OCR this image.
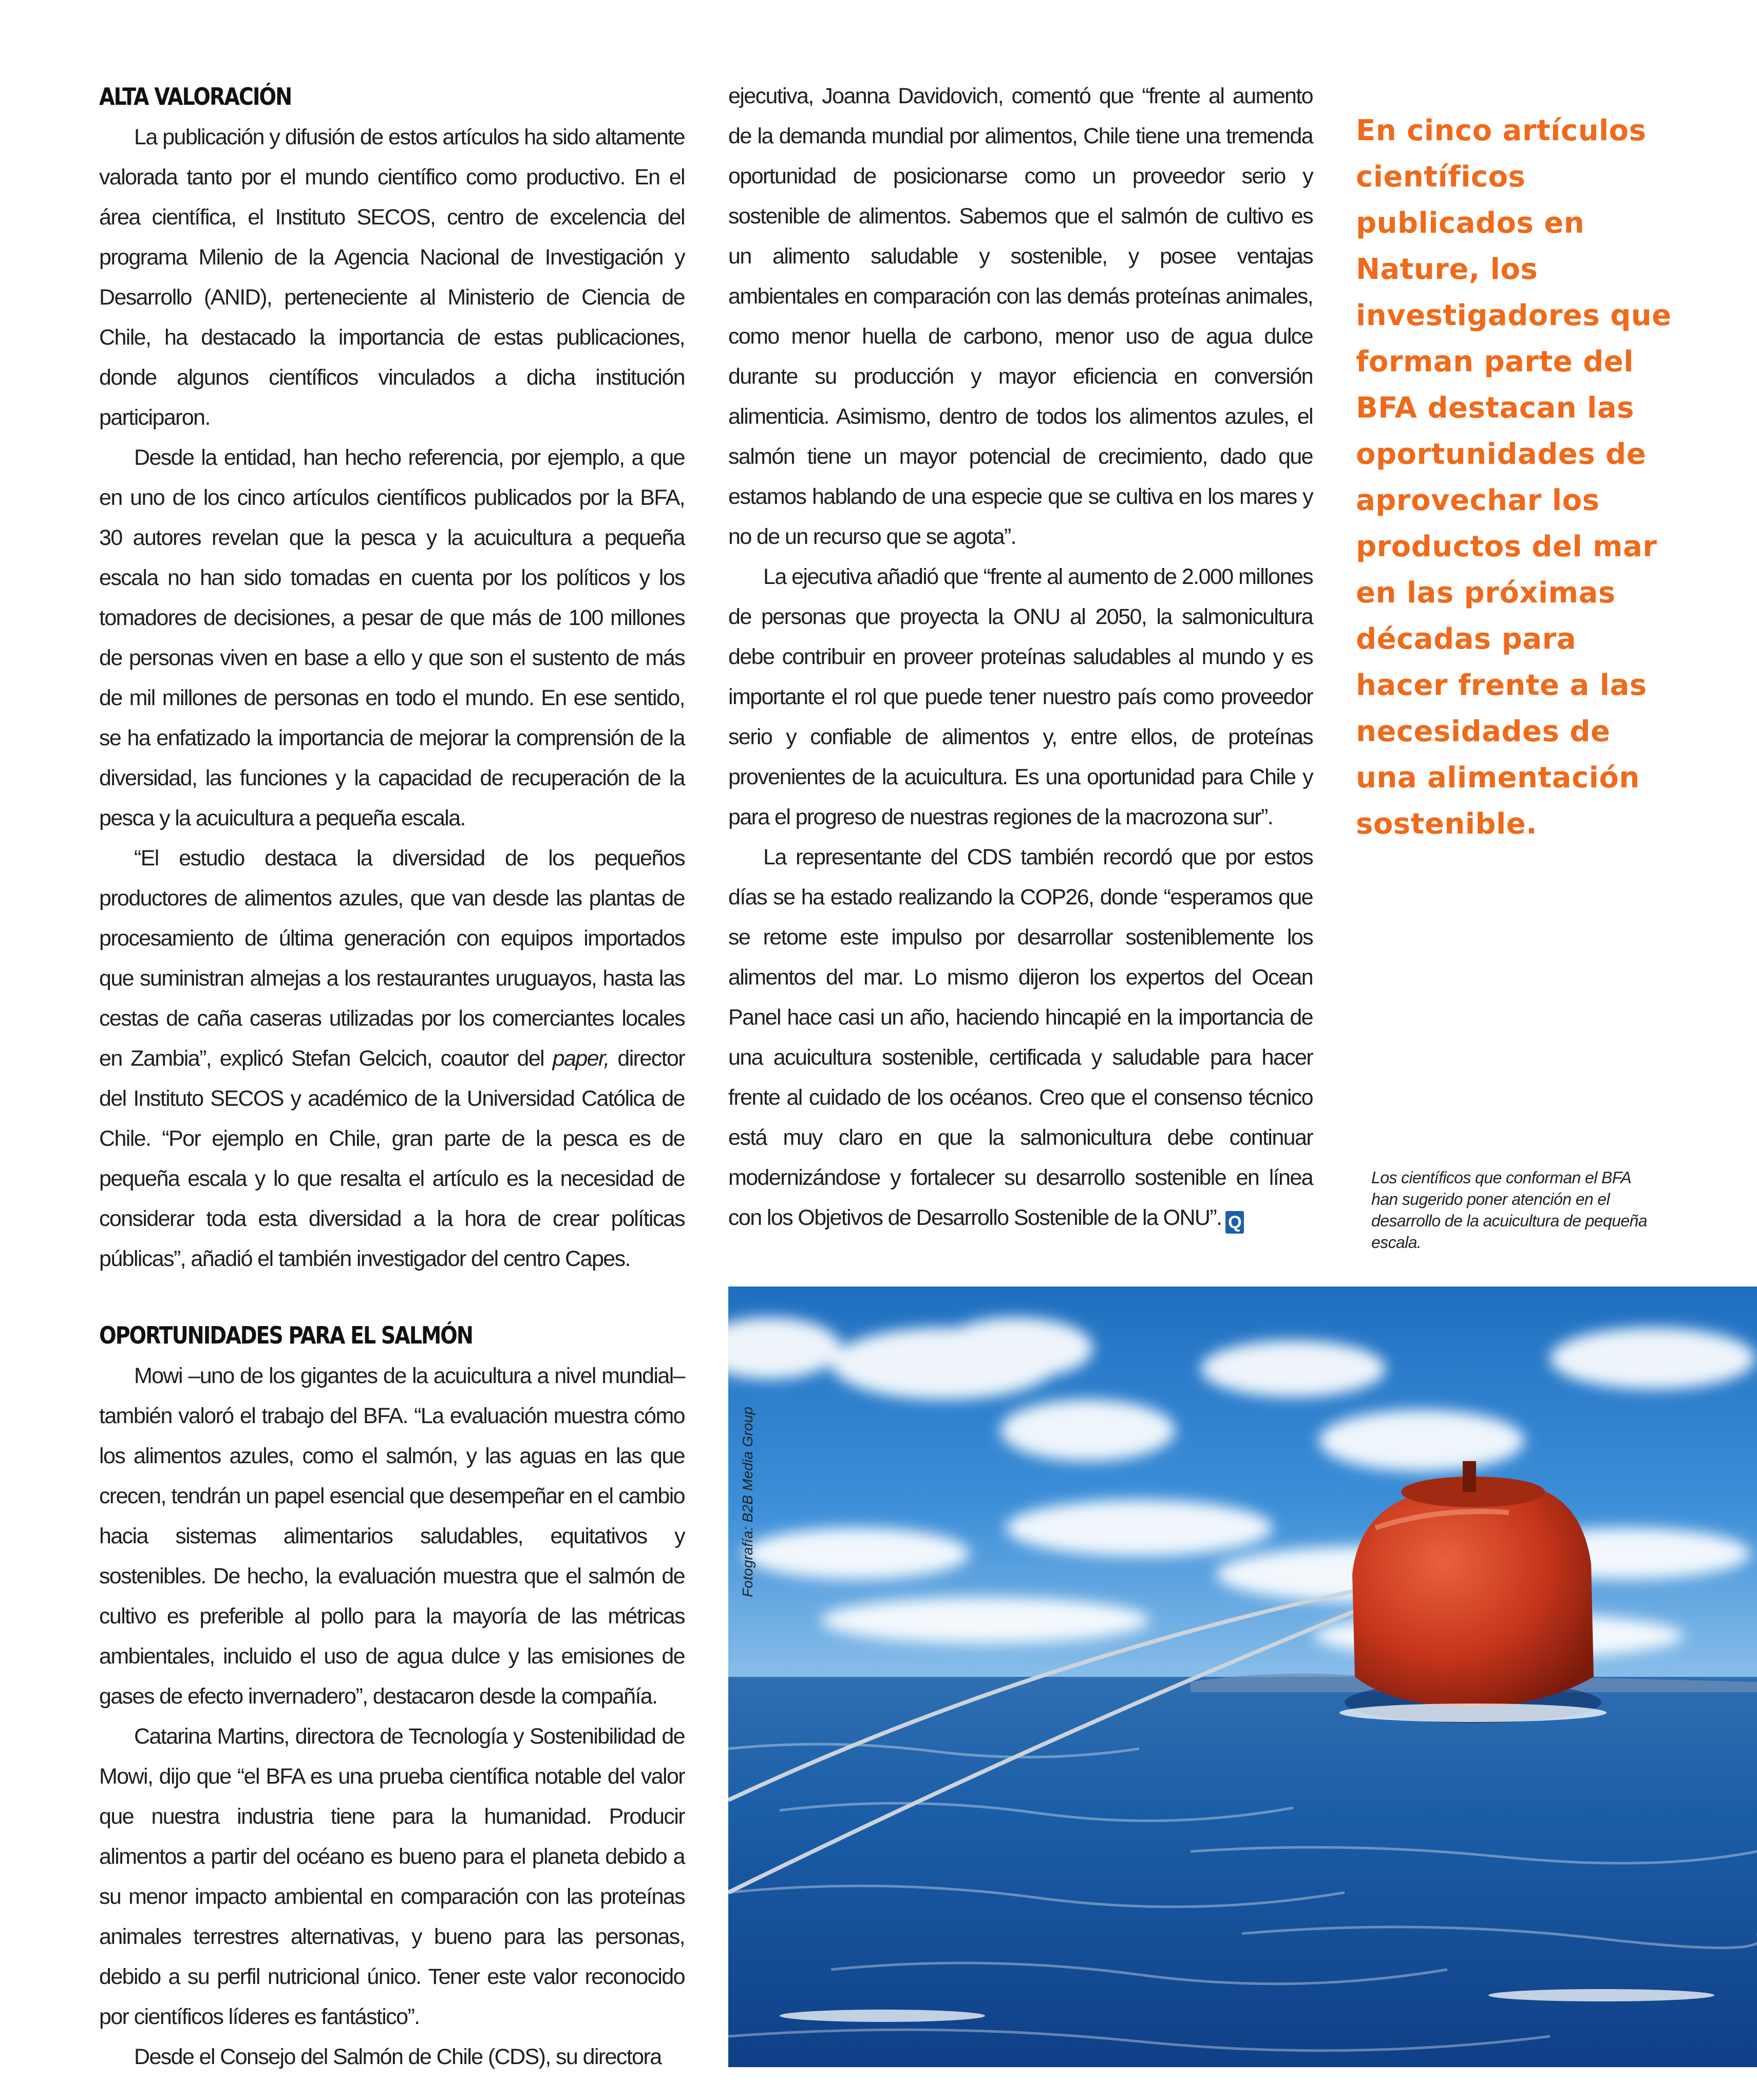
ALTA VALORACIÓN

La publicación y difusión de estos artículos ha sido altamente valorada tanto por el mundo científico como productivo. En el área científica, el Instituto SECOS, centro de excelencia del programa Milenio de la Agencia Nacional de Investigación y Desarrollo (ANID), perteneciente al Ministerio de Ciencia de Chile, ha destacado la importancia de estas publicaciones, donde algunos científicos vinculados a dicha institución participaron.

Desde la entidad, han hecho referencia, por ejemplo, a que en uno de los cinco artículos científicos publicados por la BFA, 30 autores revelan que la pesca y la acuicultura a pequeña escala no han sido tomadas en cuenta por los políticos y los tomadores de decisiones, a pesar de que más de 100 millones de personas viven en base a ello y que son el sustento de más de mil millones de personas en todo el mundo. En ese sentido, se ha enfatizado la importancia de mejorar la comprensión de la diversidad, las funciones y la capacidad de recuperación de la pesca y la acuicultura a pequeña escala.

“El estudio destaca la diversidad de los pequeños productores de alimentos azules, que van desde las plantas de procesamiento de última generación con equipos importados que suministran almejas a los restaurantes uruguayos, hasta las cestas de caña caseras utilizadas por los comerciantes locales en Zambia”, explicó Stefan Gelcich, coautor del paper, director del Instituto SECOS y académico de la Universidad Católica de Chile. “Por ejemplo en Chile, gran parte de la pesca es de pequeña escala y lo que resalta el artículo es la necesidad de considerar toda esta diversidad a la hora de crear políticas públicas”, añadió el también investigador del centro Capes.

OPORTUNIDADES PARA EL SALMÓN

Mowi –uno de los gigantes de la acuicultura a nivel mundial– también valoró el trabajo del BFA. “La evaluación muestra cómo los alimentos azules, como el salmón, y las aguas en las que crecen, tendrán un papel esencial que desempeñar en el cambio hacia sistemas alimentarios saludables, equitativos y sostenibles. De hecho, la evaluación muestra que el salmón de cultivo es preferible al pollo para la mayoría de las métricas ambientales, incluido el uso de agua dulce y las emisiones de gases de efecto invernadero”, destacaron desde la compañía.

Catarina Martins, directora de Tecnología y Sostenibilidad de Mowi, dijo que “el BFA es una prueba científica notable del valor que nuestra industria tiene para la humanidad. Producir alimentos a partir del océano es bueno para el planeta debido a su menor impacto ambiental en comparación con las proteínas animales terrestres alternativas, y bueno para las personas, debido a su perfil nutricional único. Tener este valor reconocido por científicos líderes es fantástico”.

Desde el Consejo del Salmón de Chile (CDS), su directora

ejecutiva, Joanna Davidovich, comentó que “frente al aumento de la demanda mundial por alimentos, Chile tiene una tremenda oportunidad de posicionarse como un proveedor serio y sostenible de alimentos. Sabemos que el salmón de cultivo es un alimento saludable y sostenible, y posee ventajas ambientales en comparación con las demás proteínas animales, como menor huella de carbono, menor uso de agua dulce durante su producción y mayor eficiencia en conversión alimenticia. Asimismo, dentro de todos los alimentos azules, el salmón tiene un mayor potencial de crecimiento, dado que estamos hablando de una especie que se cultiva en los mares y no de un recurso que se agota”.

La ejecutiva añadió que “frente al aumento de 2.000 millones de personas que proyecta la ONU al 2050, la salmonicultura debe contribuir en proveer proteínas saludables al mundo y es importante el rol que puede tener nuestro país como proveedor serio y confiable de alimentos y, entre ellos, de proteínas provenientes de la acuicultura. Es una oportunidad para Chile y para el progreso de nuestras regiones de la macrozona sur”.

La representante del CDS también recordó que por estos días se ha estado realizando la COP26, donde “esperamos que se retome este impulso por desarrollar sosteniblemente los alimentos del mar. Lo mismo dijeron los expertos del Ocean Panel hace casi un año, haciendo hincapié en la importancia de una acuicultura sostenible, certificada y saludable para hacer frente al cuidado de los océanos. Creo que el consenso técnico está muy claro en que la salmonicultura debe continuar modernizándose y fortalecer su desarrollo sostenible en línea con los Objetivos de Desarrollo Sostenible de la ONU”. Q

En cinco artículos científicos publicados en Nature, los investigadores que forman parte del BFA destacan las oportunidades de aprovechar los productos del mar en las próximas décadas para hacer frente a las necesidades de una alimentación sostenible.
Los científicos que conforman el BFA han sugerido poner atención en el desarrollo de la acuicultura de pequeña escala.
Fotografía: B2B Media Group
